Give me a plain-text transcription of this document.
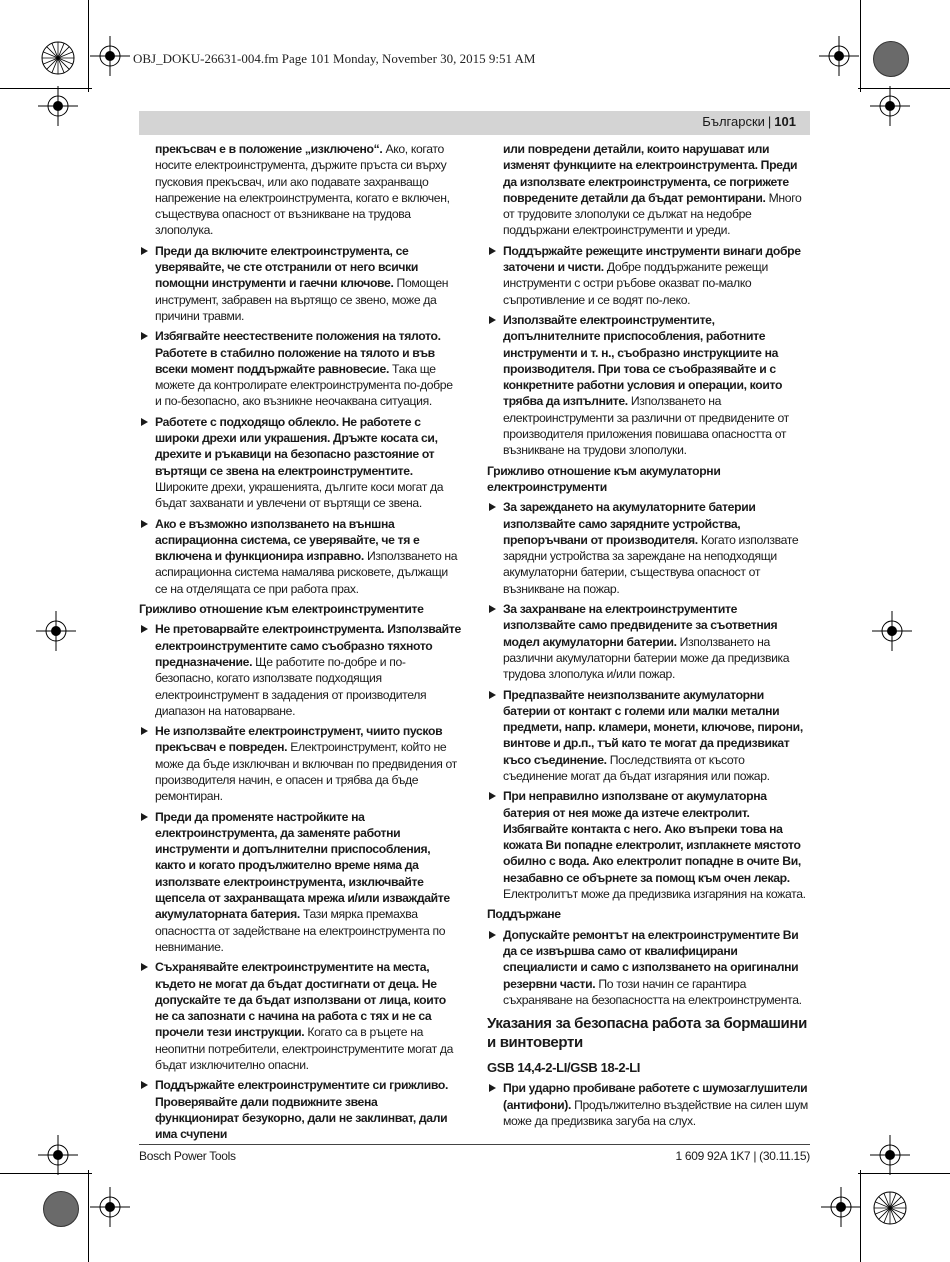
OBJ_DOKU-26631-004.fm Page 101 Monday, November 30, 2015 9:51 AM
Български | 101
прекъсвач е в положение „изключено“. Ако, когато носите електроинструмента, държите пръста си върху пусковия прекъсвач, или ако подавате захранващо напрежение на електроинструмента, когато е включен, съществува опасност от възникване на трудова злополука.
Преди да включите електроинструмента, се уверявайте, че сте отстранили от него всички помощни инструменти и гаечни ключове. Помощен инструмент, забравен на въртящо се звено, може да причини травми.
Избягвайте неестествените положения на тялото. Работете в стабилно положение на тялото и във всеки момент поддържайте равновесие. Така ще можете да контролирате електроинструмента по-добре и по-безопасно, ако възникне неочаквана ситуация.
Работете с подходящо облекло. Не работете с широки дрехи или украшения. Дръжте косата си, дрехите и ръкавици на безопасно разстояние от въртящи се звена на електроинструментите. Широките дрехи, украшенията, дългите коси могат да бъдат захванати и увлечени от въртящи се звена.
Ако е възможно използването на външна аспирационна система, се уверявайте, че тя е включена и функционира изправно. Използването на аспирационна система намалява рисковете, дължащи се на отделящата се при работа прах.
Грижливо отношение към електроинструментите
Не претоварвайте електроинструмента. Използвайте електроинструментите само съобразно тяхното предназначение. Ще работите по-добре и по-безопасно, когато използвате подходящия електроинструмент в зададения от производителя диапазон на натоварване.
Не използвайте електроинструмент, чиито пусков прекъсвач е повреден. Електроинструмент, който не може да бъде изключван и включван по предвидения от производителя начин, е опасен и трябва да бъде ремонтиран.
Преди да променяте настройките на електроинструмента, да заменяте работни инструменти и допълнителни приспособления, както и когато продължително време няма да използвате електроинструмента, изключвайте щепсела от захранващата мрежа и/или изваждайте акумулаторната батерия. Тази мярка премахва опасността от задействане на електроинструмента по невнимание.
Съхранявайте електроинструментите на места, където не могат да бъдат достигнати от деца. Не допускайте те да бъдат използвани от лица, които не са запознати с начина на работа с тях и не са прочели тези инструкции. Когато са в ръцете на неопитни потребители, електроинструментите могат да бъдат изключително опасни.
Поддържайте електроинструментите си грижливо. Проверявайте дали подвижните звена функционират безукорно, дали не заклинват, дали има счупени
или повредени детайли, които нарушават или изменят функциите на електроинструмента. Преди да използвате електроинструмента, се погрижете повредените детайли да бъдат ремонтирани. Много от трудовите злополуки се дължат на недобре поддържани електроинструменти и уреди.
Поддържайте режещите инструменти винаги добре заточени и чисти. Добре поддържаните режещи инструменти с остри ръбове оказват по-малко съпротивление и се водят по-леко.
Използвайте електроинструментите, допълнителните приспособления, работните инструменти и т. н., съобразно инструкциите на производителя. При това се съобразявайте и с конкретните работни условия и операции, които трябва да изпълните. Използването на електроинструменти за различни от предвидените от производителя приложения повишава опасността от възникване на трудови злополуки.
Грижливо отношение към акумулаторни електроинструменти
За зареждането на акумулаторните батерии използвайте само зарядните устройства, препоръчвани от производителя. Когато използвате зарядни устройства за зареждане на неподходящи акумулаторни батерии, съществува опасност от възникване на пожар.
За захранване на електроинструментите използвайте само предвидените за съответния модел акумулаторни батерии. Използването на различни акумулаторни батерии може да предизвика трудова злополука и/или пожар.
Предпазвайте неизползваните акумулаторни батерии от контакт с големи или малки метални предмети, напр. кламери, монети, ключове, пирони, винтове и др.п., тъй като те могат да предизвикат късо съединение. Последствията от късото съединение могат да бъдат изгаряния или пожар.
При неправилно използване от акумулаторна батерия от нея може да изтече електролит. Избягвайте контакта с него. Ако въпреки това на кожата Ви попадне електролит, изплакнете мястото обилно с вода. Ако електролит попадне в очите Ви, незабавно се обърнете за помощ към очен лекар. Електролитът може да предизвика изгаряния на кожата.
Поддържане
Допускайте ремонтът на електроинструментите Ви да се извършва само от квалифицирани специалисти и само с използването на оригинални резервни части. По този начин се гарантира съхраняване на безопасността на електроинструмента.
Указания за безопасна работа за бормашини и винтоверти
GSB 14,4-2-LI/GSB 18-2-LI
При ударно пробиване работете с шумозаглушители (антифони). Продължително въздействие на силен шум може да предизвика загуба на слух.
Bosch Power Tools	1 609 92A 1K7 | (30.11.15)
